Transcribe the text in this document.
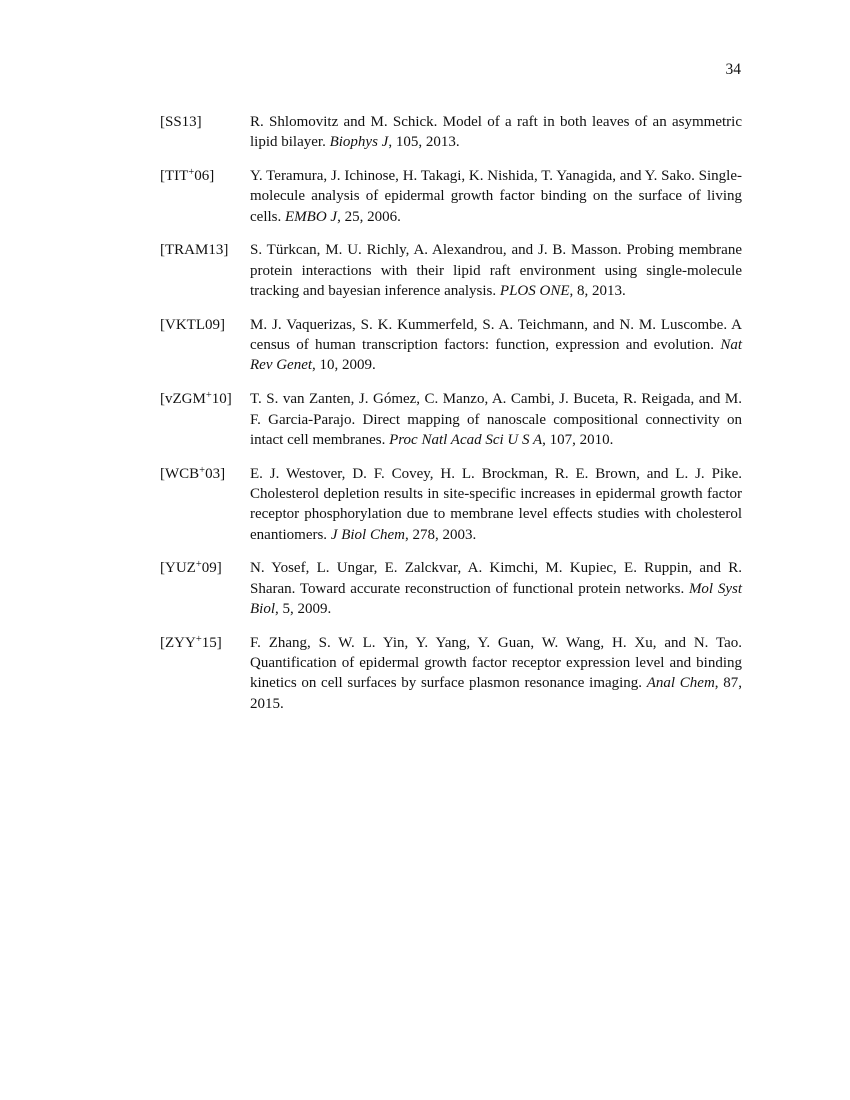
34
[SS13]	R. Shlomovitz and M. Schick. Model of a raft in both leaves of an asymmetric lipid bilayer. Biophys J, 105, 2013.
[TIT+06]	Y. Teramura, J. Ichinose, H. Takagi, K. Nishida, T. Yanagida, and Y. Sako. Single-molecule analysis of epidermal growth factor binding on the surface of living cells. EMBO J, 25, 2006.
[TRAM13]	S. Türkcan, M. U. Richly, A. Alexandrou, and J. B. Masson. Probing membrane protein interactions with their lipid raft environment using single-molecule tracking and bayesian inference analysis. PLOS ONE, 8, 2013.
[VKTL09]	M. J. Vaquerizas, S. K. Kummerfeld, S. A. Teichmann, and N. M. Luscombe. A census of human transcription factors: function, expression and evolution. Nat Rev Genet, 10, 2009.
[vZGM+10]	T. S. van Zanten, J. Gómez, C. Manzo, A. Cambi, J. Buceta, R. Reigada, and M. F. Garcia-Parajo. Direct mapping of nanoscale compositional connectivity on intact cell membranes. Proc Natl Acad Sci U S A, 107, 2010.
[WCB+03]	E. J. Westover, D. F. Covey, H. L. Brockman, R. E. Brown, and L. J. Pike. Cholesterol depletion results in site-specific increases in epidermal growth factor receptor phosphorylation due to membrane level effects studies with cholesterol enantiomers. J Biol Chem, 278, 2003.
[YUZ+09]	N. Yosef, L. Ungar, E. Zalckvar, A. Kimchi, M. Kupiec, E. Ruppin, and R. Sharan. Toward accurate reconstruction of functional protein networks. Mol Syst Biol, 5, 2009.
[ZYY+15]	F. Zhang, S. W. L. Yin, Y. Yang, Y. Guan, W. Wang, H. Xu, and N. Tao. Quantification of epidermal growth factor receptor expression level and binding kinetics on cell surfaces by surface plasmon resonance imaging. Anal Chem, 87, 2015.
